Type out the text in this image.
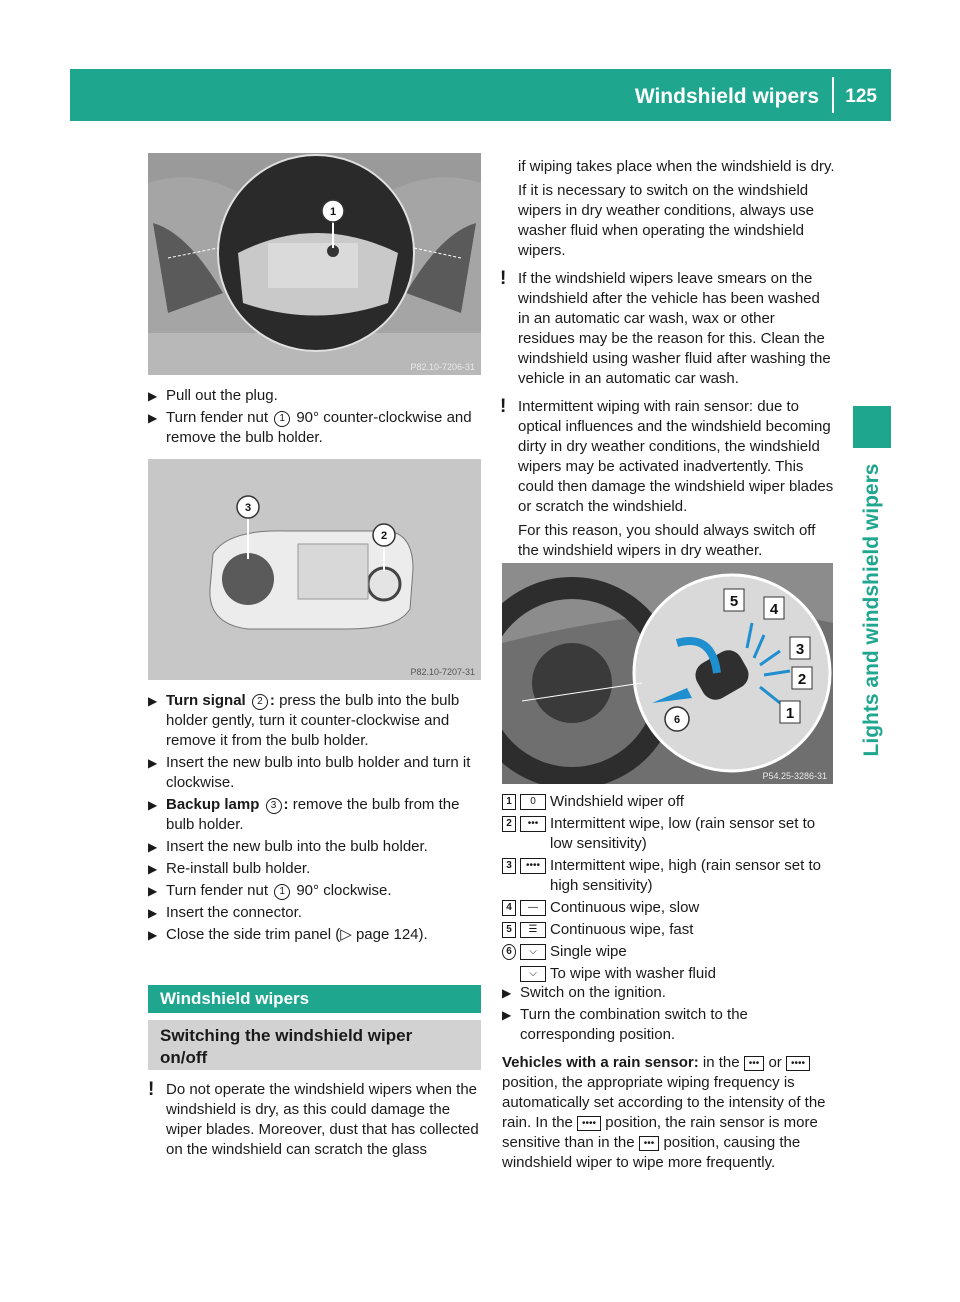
Windshield wipers 125
Lights and windshield wipers
1
P82.10-7206-31
▶ Pull out the plug.
▶ Turn fender nut 1 90° counter-clockwise and remove the bulb holder.
3
2
P82.10-7207-31
▶ Turn signal 2 : press the bulb into the bulb holder gently, turn it counter-clockwise and remove it from the bulb holder.
▶ Insert the new bulb into bulb holder and turn it clockwise.
▶ Backup lamp 3 : remove the bulb from the bulb holder.
▶ Insert the new bulb into the bulb holder.
▶ Re-install bulb holder.
▶ Turn fender nut 1 90° clockwise.
▶ Insert the connector.
▶ Close the side trim panel (▷ page 124).
Windshield wipers
Switching the windshield wiper on/off
! Do not operate the windshield wipers when the windshield is dry, as this could damage the wiper blades. Moreover, dust that has collected on the windshield can scratch the glass
if wiping takes place when the windshield is dry.
If it is necessary to switch on the windshield wipers in dry weather conditions, always use washer fluid when operating the windshield wipers.
! If the windshield wipers leave smears on the windshield after the vehicle has been washed in an automatic car wash, wax or other residues may be the reason for this. Clean the windshield using washer fluid after washing the vehicle in an automatic car wash.
! Intermittent wiping with rain sensor: due to optical influences and the windshield becoming dirty in dry weather conditions, the windshield wipers may be activated inadvertently. This could then damage the windshield wiper blades or scratch the windshield.
For this reason, you should always switch off the windshield wipers in dry weather.
5 4
3
2
1
6
P54.25-3286-31
1	0 Windshield wiper off
2	••• Intermittent wipe, low (rain sensor set to low sensitivity)
3	•••• Intermittent wipe, high (rain sensor set to high sensitivity)
4	— Continuous wipe, slow
5	☰ Continuous wipe, fast
6	⌵ Single wipe
⌵ To wipe with washer fluid
▶ Switch on the ignition.
▶ Turn the combination switch to the corresponding position.
Vehicles with a rain sensor: in the ••• or •••• position, the appropriate wiping frequency is automatically set according to the intensity of the rain. In the •••• position, the rain sensor is more sensitive than in the ••• position, causing the windshield wiper to wipe more frequently.
